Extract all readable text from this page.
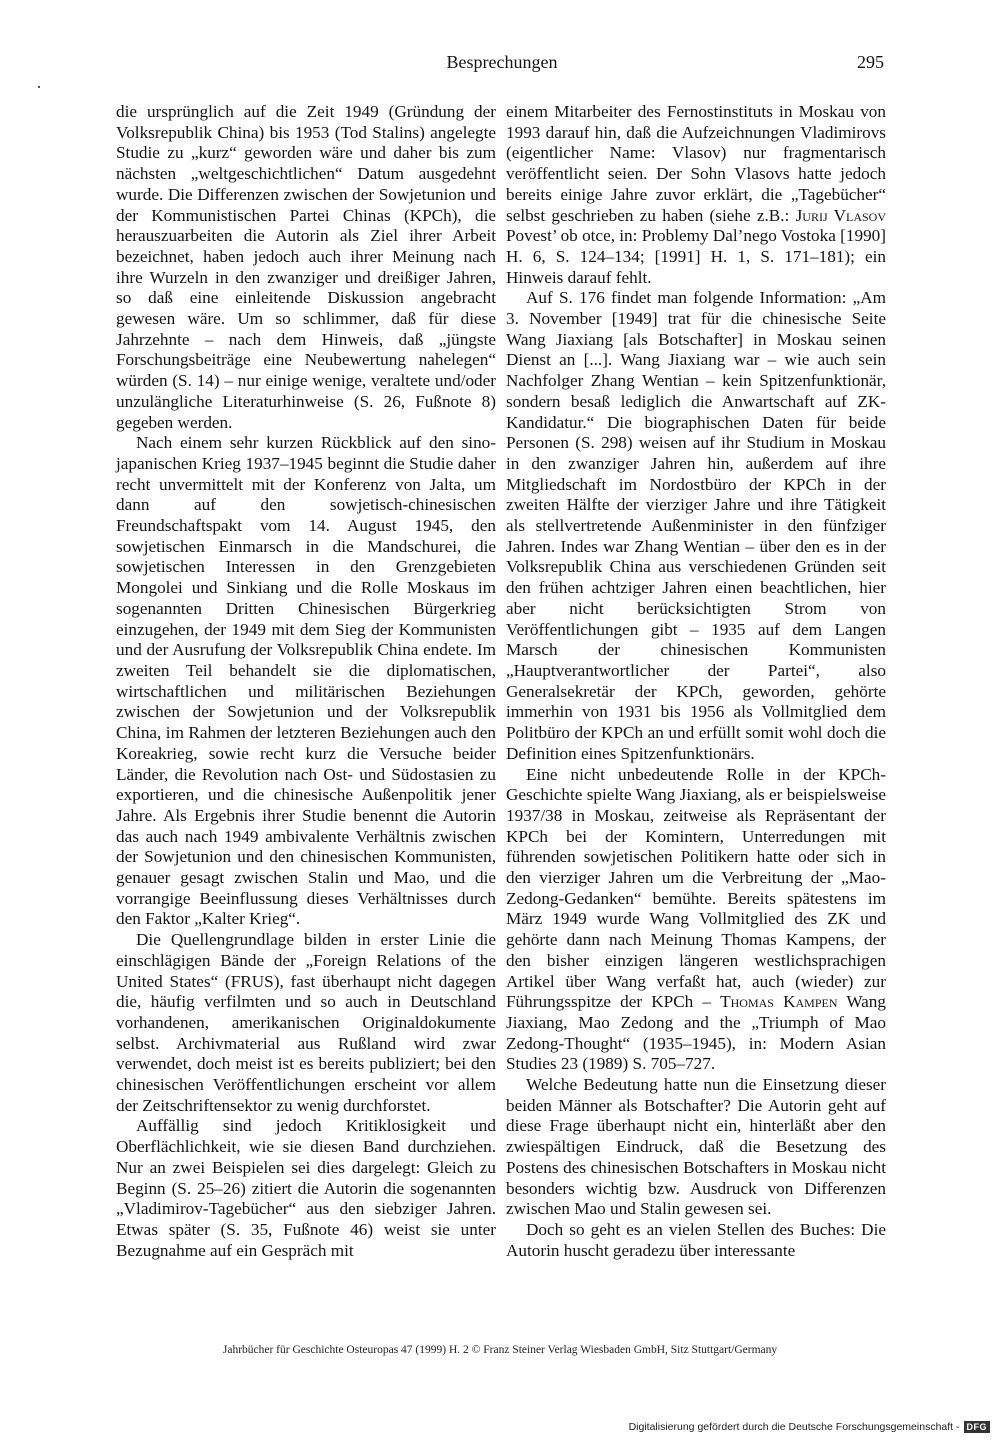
Besprechungen	295

die ursprünglich auf die Zeit 1949 (Gründung der Volksrepublik China) bis 1953 (Tod Stalins) angelegte Studie zu „kurz“ geworden wäre und daher bis zum nächsten „weltgeschichtlichen“ Datum ausgedehnt wurde. Die Differenzen zwischen der Sowjetunion und der Kommunistischen Partei Chinas (KPCh), die herauszuarbeiten die Autorin als Ziel ihrer Arbeit bezeichnet, haben jedoch auch ihrer Meinung nach ihre Wurzeln in den zwanziger und dreißiger Jahren, so daß eine einleitende Diskussion angebracht gewesen wäre. Um so schlimmer, daß für diese Jahrzehnte – nach dem Hinweis, daß „jüngste Forschungsbeiträge eine Neubewertung nahelegen“ würden (S. 14) – nur einige wenige, veraltete und/oder unzulängliche Literaturhinweise (S. 26, Fußnote 8) gegeben werden.

Nach einem sehr kurzen Rückblick auf den sino-japanischen Krieg 1937–1945 beginnt die Studie daher recht unvermittelt mit der Konferenz von Jalta, um dann auf den sowjetisch-chinesischen Freundschaftspakt vom 14. August 1945, den sowjetischen Einmarsch in die Mandschurei, die sowjetischen Interessen in den Grenzgebieten Mongolei und Sinkiang und die Rolle Moskaus im sogenannten Dritten Chinesischen Bürgerkrieg einzugehen, der 1949 mit dem Sieg der Kommunisten und der Ausrufung der Volksrepublik China endete. Im zweiten Teil behandelt sie die diplomatischen, wirtschaftlichen und militärischen Beziehungen zwischen der Sowjetunion und der Volksrepublik China, im Rahmen der letzteren Beziehungen auch den Koreakrieg, sowie recht kurz die Versuche beider Länder, die Revolution nach Ost- und Südostasien zu exportieren, und die chinesische Außenpolitik jener Jahre. Als Ergebnis ihrer Studie benennt die Autorin das auch nach 1949 ambivalente Verhältnis zwischen der Sowjetunion und den chinesischen Kommunisten, genauer gesagt zwischen Stalin und Mao, und die vorrangige Beeinflussung dieses Verhältnisses durch den Faktor „Kalter Krieg“.

Die Quellengrundlage bilden in erster Linie die einschlägigen Bände der „Foreign Relations of the United States“ (FRUS), fast überhaupt nicht dagegen die, häufig verfilmten und so auch in Deutschland vorhandenen, amerikanischen Originaldokumente selbst. Archivmaterial aus Rußland wird zwar verwendet, doch meist ist es bereits publiziert; bei den chinesischen Veröffentlichungen erscheint vor allem der Zeitschriftensektor zu wenig durchforstet.

Auffällig sind jedoch Kritiklosigkeit und Oberflächlichkeit, wie sie diesen Band durchziehen. Nur an zwei Beispielen sei dies dargelegt: Gleich zu Beginn (S. 25–26) zitiert die Autorin die sogenannten „Vladimirov-Tagebücher“ aus den siebziger Jahren. Etwas später (S. 35, Fußnote 46) weist sie unter Bezugnahme auf ein Gespräch mit

einem Mitarbeiter des Fernostinstituts in Moskau von 1993 darauf hin, daß die Aufzeichnungen Vladimirovs (eigentlicher Name: Vlasov) nur fragmentarisch veröffentlicht seien. Der Sohn Vlasovs hatte jedoch bereits einige Jahre zuvor erklärt, die „Tagebücher“ selbst geschrieben zu haben (siehe z.B.: Jurij Vlasov Povest’ ob otce, in: Problemy Dal’nego Vostoka [1990] H. 6, S. 124–134; [1991] H. 1, S. 171–181); ein Hinweis darauf fehlt.

Auf S. 176 findet man folgende Information: „Am 3. November [1949] trat für die chinesische Seite Wang Jiaxiang [als Botschafter] in Moskau seinen Dienst an [...]. Wang Jiaxiang war – wie auch sein Nachfolger Zhang Wentian – kein Spitzenfunktionär, sondern besaß lediglich die Anwartschaft auf ZK-Kandidatur.“ Die biographischen Daten für beide Personen (S. 298) weisen auf ihr Studium in Moskau in den zwanziger Jahren hin, außerdem auf ihre Mitgliedschaft im Nordostbüro der KPCh in der zweiten Hälfte der vierziger Jahre und ihre Tätigkeit als stellvertretende Außenminister in den fünfziger Jahren. Indes war Zhang Wentian – über den es in der Volksrepublik China aus verschiedenen Gründen seit den frühen achtziger Jahren einen beachtlichen, hier aber nicht berücksichtigten Strom von Veröffentlichungen gibt – 1935 auf dem Langen Marsch der chinesischen Kommunisten „Hauptverantwortlicher der Partei“, also Generalsekretär der KPCh, geworden, gehörte immerhin von 1931 bis 1956 als Vollmitglied dem Politbüro der KPCh an und erfüllt somit wohl doch die Definition eines Spitzenfunktionärs.

Eine nicht unbedeutende Rolle in der KPCh-Geschichte spielte Wang Jiaxiang, als er beispielsweise 1937/38 in Moskau, zeitweise als Repräsentant der KPCh bei der Komintern, Unterredungen mit führenden sowjetischen Politikern hatte oder sich in den vierziger Jahren um die Verbreitung der „Mao-Zedong-Gedanken“ bemühte. Bereits spätestens im März 1949 wurde Wang Vollmitglied des ZK und gehörte dann nach Meinung Thomas Kampens, der den bisher einzigen längeren westlichsprachigen Artikel über Wang verfaßt hat, auch (wieder) zur Führungsspitze der KPCh – Thomas Kampen Wang Jiaxiang, Mao Zedong and the „Triumph of Mao Zedong-Thought“ (1935–1945), in: Modern Asian Studies 23 (1989) S. 705–727.

Welche Bedeutung hatte nun die Einsetzung dieser beiden Männer als Botschafter? Die Autorin geht auf diese Frage überhaupt nicht ein, hinterläßt aber den zwiespältigen Eindruck, daß die Besetzung des Postens des chinesischen Botschafters in Moskau nicht besonders wichtig bzw. Ausdruck von Differenzen zwischen Mao und Stalin gewesen sei.

Doch so geht es an vielen Stellen des Buches: Die Autorin huscht geradezu über interessante

Jahrbücher für Geschichte Osteuropas 47 (1999) H. 2 © Franz Steiner Verlag Wiesbaden GmbH, Sitz Stuttgart/Germany
Digitalisierung gefördert durch die Deutsche Forschungsgemeinschaft - DFG
